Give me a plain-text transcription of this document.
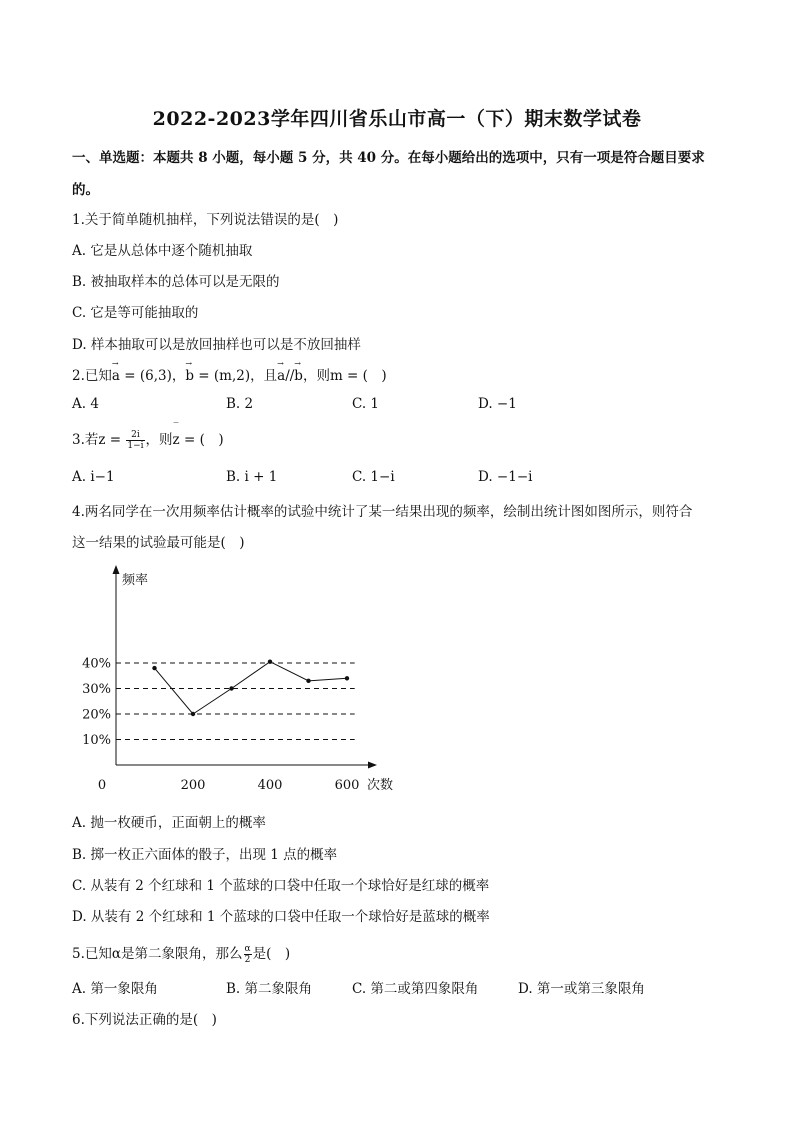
2022-2023学年四川省乐山市高一（下）期末数学试卷
一、单选题：本题共 8 小题，每小题 5 分，共 40 分。在每小题给出的选项中，只有一项是符合题目要求
的。
1.关于简单随机抽样，下列说法错误的是(　)
A. 它是从总体中逐个随机抽取
B. 被抽取样本的总体可以是无限的
C. 它是等可能抽取的
D. 样本抽取可以是放回抽样也可以是不放回抽样
2.已知→ a = (6,3)，→ b = (m,2)，且→ a//→ b，则m = (　)
A. 4	B. 2	C. 1	D. −1
3.若$z = \frac{2i}{1-i}$ ，则‾ z = (　)
A. i−1	B. i + 1	C. 1−i	D. −1−i
4.两名同学在一次用频率估计概率的试验中统计了某一结果出现的频率，绘制出统计图如图所示，则符合
这一结果的试验最可能是(　)
频率
次数
10%
20%
30%
40%
0	200	400	600
A. 抛一枚硬币，正面朝上的概率
B. 掷一枚正六面体的骰子，出现 1 点的概率
C. 从装有 2 个红球和 1 个蓝球的口袋中任取一个球恰好是红球的概率
D. 从装有 2 个红球和 1 个蓝球的口袋中任取一个球恰好是蓝球的概率
5.已知α是第二象限角，那么 $\frac{\alpha}{2}$ 是(　)
A. 第一象限角	B. 第二象限角	C. 第二或第四象限角	D. 第一或第三象限角
6.下列说法正确的是(　)
